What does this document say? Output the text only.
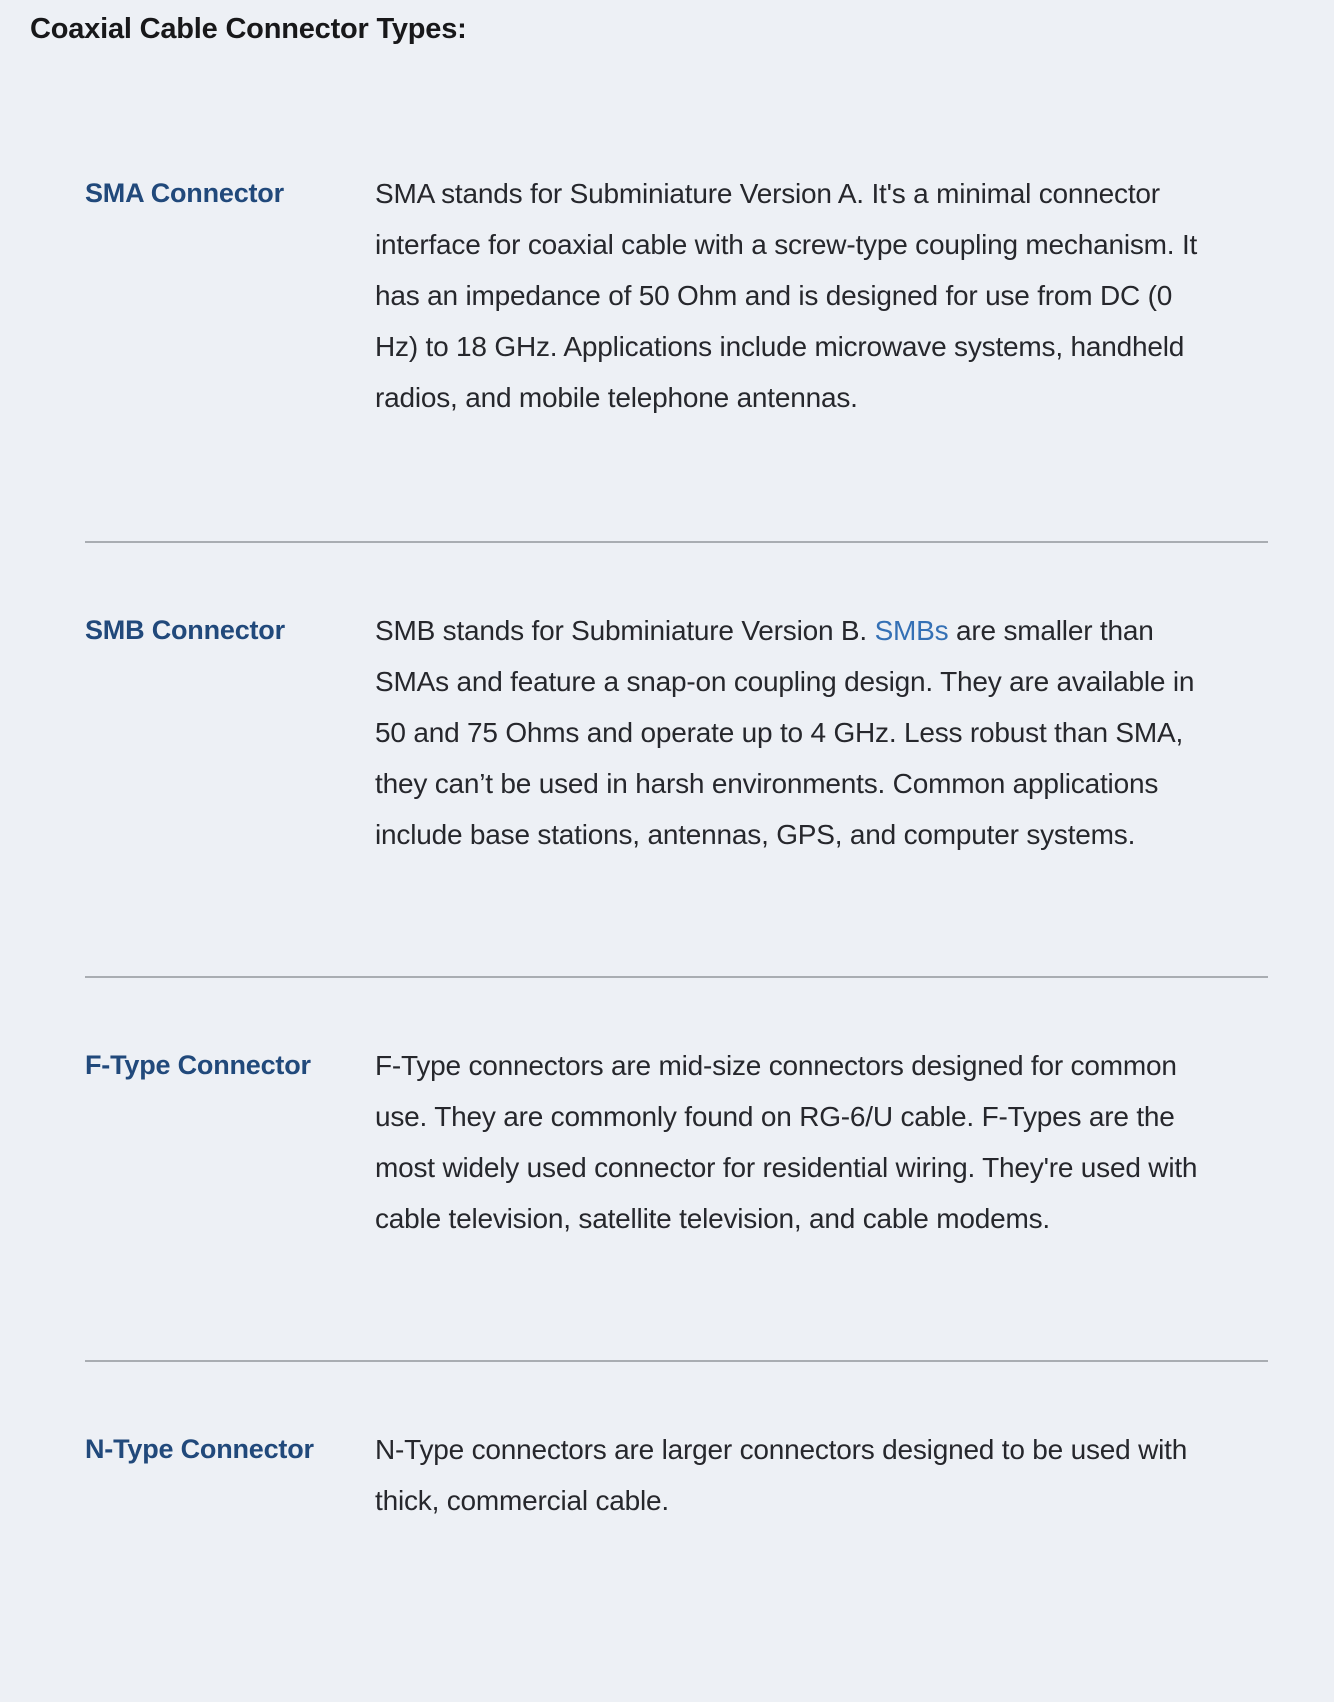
Coaxial Cable Connector Types:
SMA Connector	SMA stands for Subminiature Version A. It's a minimal connector interface for coaxial cable with a screw-type coupling mechanism. It has an impedance of 50 Ohm and is designed for use from DC (0 Hz) to 18 GHz. Applications include microwave systems, handheld radios, and mobile telephone antennas.
SMB Connector	SMB stands for Subminiature Version B. SMBs are smaller than SMAs and feature a snap-on coupling design. They are available in 50 and 75 Ohms and operate up to 4 GHz. Less robust than SMA, they can’t be used in harsh environments. Common applications include base stations, antennas, GPS, and computer systems.
F-Type Connector	F-Type connectors are mid-size connectors designed for common use. They are commonly found on RG-6/U cable. F-Types are the most widely used connector for residential wiring. They're used with cable television, satellite television, and cable modems.
N-Type Connector	N-Type connectors are larger connectors designed to be used with thick, commercial cable.
